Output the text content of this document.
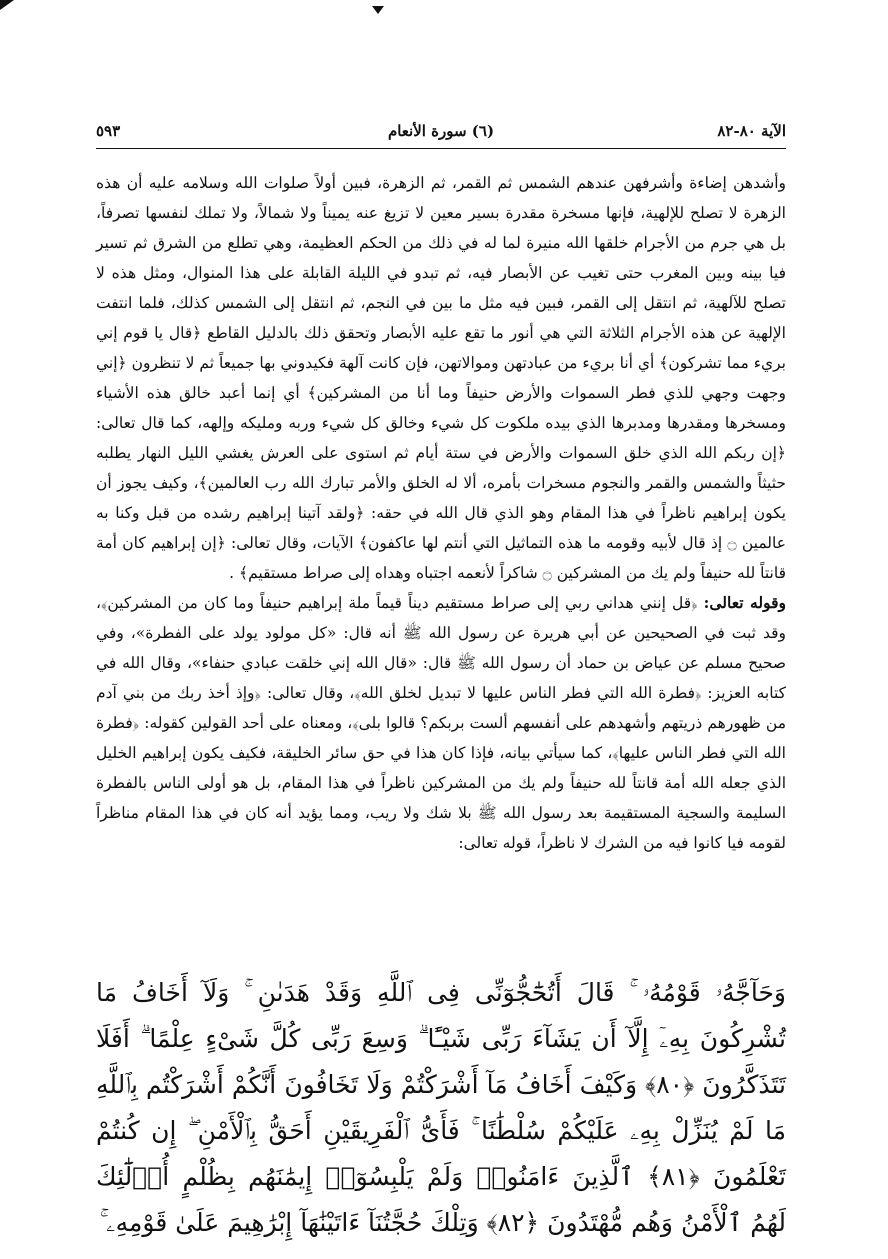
الآية ٨٠-٨٢
(٦) سورة الأنعام
٥٩٣

وأشدهن إضاءة وأشرفهن عندهم الشمس ثم القمر، ثم الزهرة، فبين أولاً صلوات الله وسلامه عليه أن هذه الزهرة لا تصلح للإلهية، فإنها مسخرة مقدرة بسير معين لا تزيغ عنه يميناً ولا شمالاً، ولا تملك لنفسها تصرفاً، بل هي جرم من الأجرام خلقها الله منيرة لما له في ذلك من الحكم العظيمة، وهي تطلع من الشرق ثم تسير فيا بينه وبين المغرب حتى تغيب عن الأبصار فيه، ثم تبدو في الليلة القابلة على هذا المنوال، ومثل هذه لا تصلح للآلهية، ثم انتقل إلى القمر، فبين فيه مثل ما بين في النجم، ثم انتقل إلى الشمس كذلك، فلما انتفت الإلهية عن هذه الأجرام الثلاثة التي هي أنور ما تقع عليه الأبصار وتحقق ذلك بالدليل القاطع ﴿قال يا قوم إني بريء مما تشركون﴾ أي أنا بريء من عبادتهن وموالاتهن، فإن كانت آلهة فكيدوني بها جميعاً ثم لا تنظرون ﴿إني وجهت وجهي للذي فطر السموات والأرض حنيفاً وما أنا من المشركين﴾ أي إنما أعبد خالق هذه الأشياء ومسخرها ومقدرها ومدبرها الذي بيده ملكوت كل شيء وخالق كل شيء وربه ومليكه وإلهه، كما قال تعالى: ﴿إن ربكم الله الذي خلق السموات والأرض في ستة أيام ثم استوى على العرش يغشي الليل النهار يطلبه حثيثاً والشمس والقمر والنجوم مسخرات بأمره، ألا له الخلق والأمر تبارك الله رب العالمين﴾، وكيف يجوز أن يكون إبراهيم ناظراً في هذا المقام وهو الذي قال الله في حقه: ﴿ولقد آتينا إبراهيم رشده من قبل وكنا به عالمين ۝ إذ قال لأبيه وقومه ما هذه التماثيل التي أنتم لها عاكفون﴾ الآيات، وقال تعالى: ﴿إن إبراهيم كان أمة قانتاً لله حنيفاً ولم يك من المشركين ۝ شاكراً لأنعمه اجتباه وهداه إلى صراط مستقيم﴾ .

وقوله تعالى: ﴿قل إنني هداني ربي إلى صراط مستقيم ديناً قيماً ملة إبراهيم حنيفاً وما كان من المشركين﴾، وقد ثبت في الصحيحين عن أبي هريرة عن رسول الله ﷺ أنه قال: «كل مولود يولد على الفطرة»، وفي صحيح مسلم عن عياض بن حماد أن رسول الله ﷺ قال: «قال الله إني خلقت عبادي حنفاء»، وقال الله في كتابه العزيز: ﴿فطرة الله التي فطر الناس عليها لا تبديل لخلق الله﴾، وقال تعالى: ﴿وإذ أخذ ربك من بني آدم من ظهورهم ذريتهم وأشهدهم على أنفسهم ألست بربكم؟ قالوا بلى﴾، ومعناه على أحد القولين كقوله: ﴿فطرة الله التي فطر الناس عليها﴾، كما سيأتي بيانه، فإذا كان هذا في حق سائر الخليقة، فكيف يكون إبراهيم الخليل الذي جعله الله أمة قانتاً لله حنيفاً ولم يك من المشركين ناظراً في هذا المقام، بل هو أولى الناس بالفطرة السليمة والسجية المستقيمة بعد رسول الله ﷺ بلا شك ولا ريب، ومما يؤيد أنه كان في هذا المقام مناظراً لقومه فيا كانوا فيه من الشرك لا ناظراً، قوله تعالى:

وَحَآجَّهُۥ قَوْمُهُۥ ۚ قَالَ أَتُحَٰٓجُّوٓنِّى فِى ٱللَّهِ وَقَدْ هَدَىٰنِ ۚ وَلَآ أَخَافُ مَا تُشْرِكُونَ بِهِۦٓ إِلَّآ أَن يَشَآءَ رَبِّى شَيْـًٔا ۗ وَسِعَ رَبِّى كُلَّ شَىْءٍ عِلْمًا ۗ أَفَلَا تَتَذَكَّرُونَ ﴿٨٠﴾ وَكَيْفَ أَخَافُ مَآ أَشْرَكْتُمْ وَلَا تَخَافُونَ أَنَّكُمْ أَشْرَكْتُم بِٱللَّهِ مَا لَمْ يُنَزِّلْ بِهِۦ عَلَيْكُمْ سُلْطَٰنًا ۚ فَأَىُّ ٱلْفَرِيقَيْنِ أَحَقُّ بِٱلْأَمْنِ ۖ إِن كُنتُمْ تَعْلَمُونَ ﴿٨١﴾ ٱلَّذِينَ ءَامَنُوا۟ وَلَمْ يَلْبِسُوٓا۟ إِيمَٰنَهُم بِظُلْمٍ أُو۟لَٰٓئِكَ لَهُمُ ٱلْأَمْنُ وَهُم مُّهْتَدُونَ ﴿٨٢﴾ وَتِلْكَ حُجَّتُنَآ ءَاتَيْنَٰهَآ إِبْرَٰهِيمَ عَلَىٰ قَوْمِهِۦ ۚ
